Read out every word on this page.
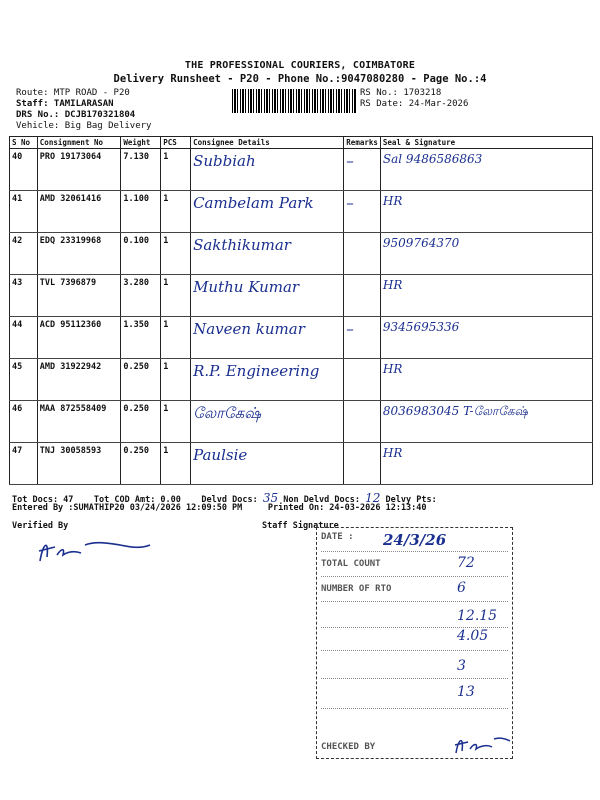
THE PROFESSIONAL COURIERS, COIMBATORE
Delivery Runsheet - P20 - Phone No.:9047080280 - Page No.:4
Route: MTP ROAD - P20
Staff: TAMILARASAN
DRS No.: DCJB170321804
Vehicle: Big Bag Delivery
RS No.: 1703218
RS Date: 24-Mar-2026
S No	Consignment No	Weight	PCS	Consignee Details	Remarks	Seal & Signature
40	PRO 19173064	7.130	1	Subbiah	–	Sal 9486586863
41	AMD 32061416	1.100	1	Cambelam Park	–	HR
42	EDQ 23319968	0.100	1	Sakthikumar		9509764370
43	TVL 7396879	3.280	1	Muthu Kumar		HR
44	ACD 95112360	1.350	1	Naveen kumar	–	9345695336
45	AMD 31922942	0.250	1	R.P. Engineering		HR
46	MAA 872558409	0.250	1	லோகேஷ்		8036983045 T-லோகேஷ்
47	TNJ 30058593	0.250	1	Paulsie		HR
Tot Docs: 47 Tot COD Amt: 0.00 Delvd Docs: 35 Non Delvd Docs: 12 Delvy Pts:
Entered By :SUMATHIP20 03/24/2026 12:09:50 PM	Printed On: 24-03-2026 12:13:40
Verified By	Staff Signature
DATE : 24/3/26
TOTAL COUNT	72
NUMBER OF RTO	6
12.15
4.05
3
13
CHECKED BY
